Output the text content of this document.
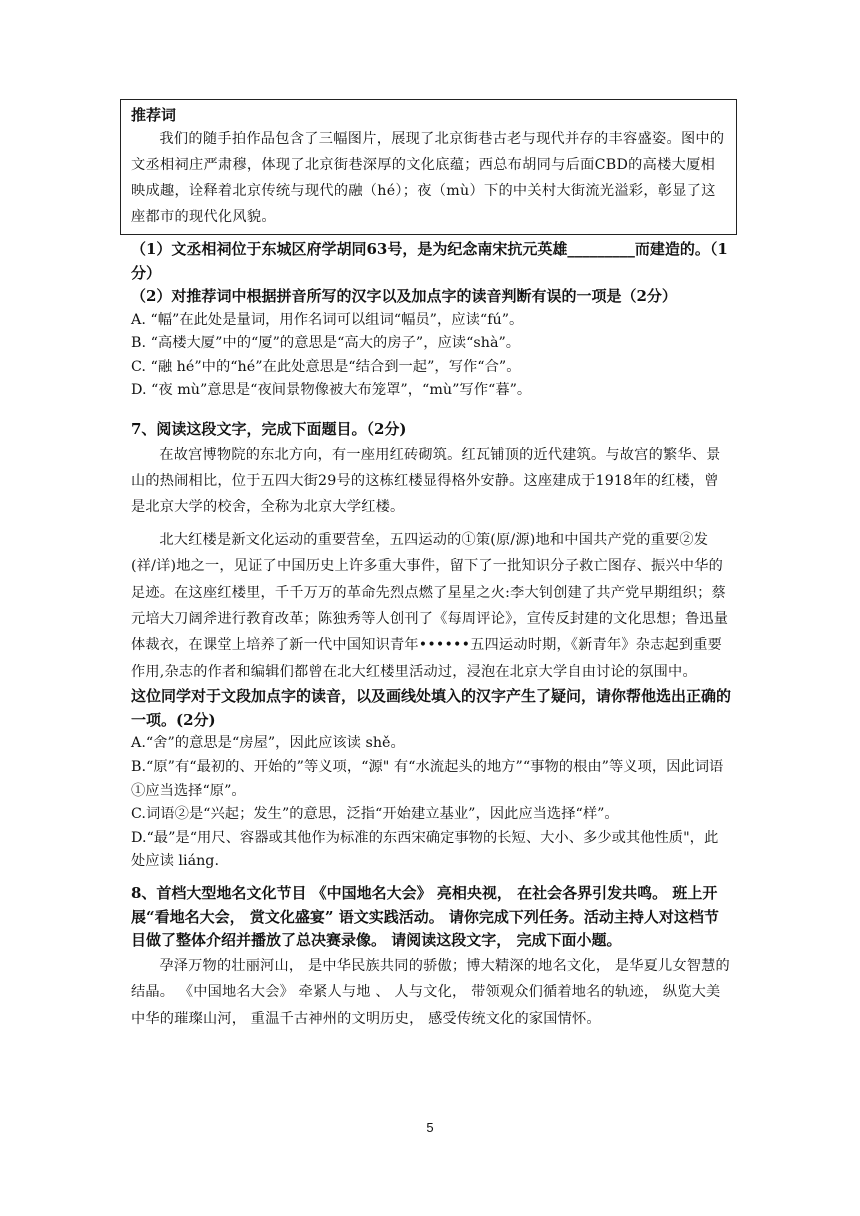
推荐词
我们的随手拍作品包含了三幅图片，展现了北京街巷古老与现代并存的丰容盛姿。图中的文丞相祠庄严肃穆，体现了北京街巷深厚的文化底蕴；西总布胡同与后面CBD的高楼大厦相映成趣，诠释着北京传统与现代的融（hé）；夜（mù）下的中关村大街流光溢彩，彰显了这座都市的现代化风貌。
（1）文丞相祠位于东城区府学胡同63号，是为纪念南宋抗元英雄_________而建造的。（1分）
（2）对推荐词中根据拼音所写的汉字以及加点字的读音判断有误的一项是（2分）
A. “幅”在此处是量词，用作名词可以组词“幅员”，应读“fú”。
B. “高楼大厦”中的“厦”的意思是“高大的房子”，应读“shà”。
C. “融 hé”中的“hé”在此处意思是“结合到一起”，写作“合”。
D. “夜 mù”意思是“夜间景物像被大布笼罩”，“mù”写作“暮”。
7、阅读这段文字，完成下面题目。（2分)
在故宫博物院的东北方向，有一座用红砖砌筑。红瓦铺顶的近代建筑。与故宫的繁华、景山的热闹相比，位于五四大街29号的这栋红楼显得格外安静。这座建成于1918年的红楼，曾是北京大学的校舍，全称为北京大学红楼。
北大红楼是新文化运动的重要营垒，五四运动的①策(原/源)地和中国共产党的重要②发(祥/详)地之一，见证了中国历史上许多重大事件，留下了一批知识分子救亡图存、振兴中华的足迹。在这座红楼里，千千万万的革命先烈点燃了星星之火:李大钊创建了共产党早期组织；蔡元培大刀阔斧进行教育改革；陈独秀等人创刊了《每周评论》，宣传反封建的文化思想；鲁迅量体裁衣，在课堂上培养了新一代中国知识青年••••••五四运动时期，《新青年》杂志起到重要作用,杂志的作者和编辑们都曾在北大红楼里活动过，浸泡在北京大学自由讨论的氛围中。
这位同学对于文段加点字的读音，以及画线处填入的汉字产生了疑问，请你帮他选出正确的一项。(2分)
A.“舍”的意思是“房屋”，因此应该读 shě。
B.“原”有“最初的、开始的”等义项，“源" 有“水流起头的地方”“事物的根由”等义项，因此词语①应当选择“原”。
C.词语②是“兴起；发生”的意思，泛指“开始建立基业”，因此应当选择“样”。
D.“最”是“用尺、容器或其他作为标准的东西宋确定事物的长短、大小、多少或其他性质"，此处应读 liáng.
8、首档大型地名文化节目 《中国地名大会》 亮相央视， 在社会各界引发共鸣。 班上开展“看地名大会， 赏文化盛宴” 语文实践活动。 请你完成下列任务。活动主持人对这档节目做了整体介绍并播放了总决赛录像。 请阅读这段文字， 完成下面小题。
孕泽万物的壮丽河山， 是中华民族共同的骄傲；博大精深的地名文化， 是华夏儿女智慧的结晶。 《中国地名大会》 牵紧人与地 、 人与文化， 带领观众们循着地名的轨迹， 纵览大美中华的璀璨山河， 重温千古神州的文明历史， 感受传统文化的家国情怀。
5
